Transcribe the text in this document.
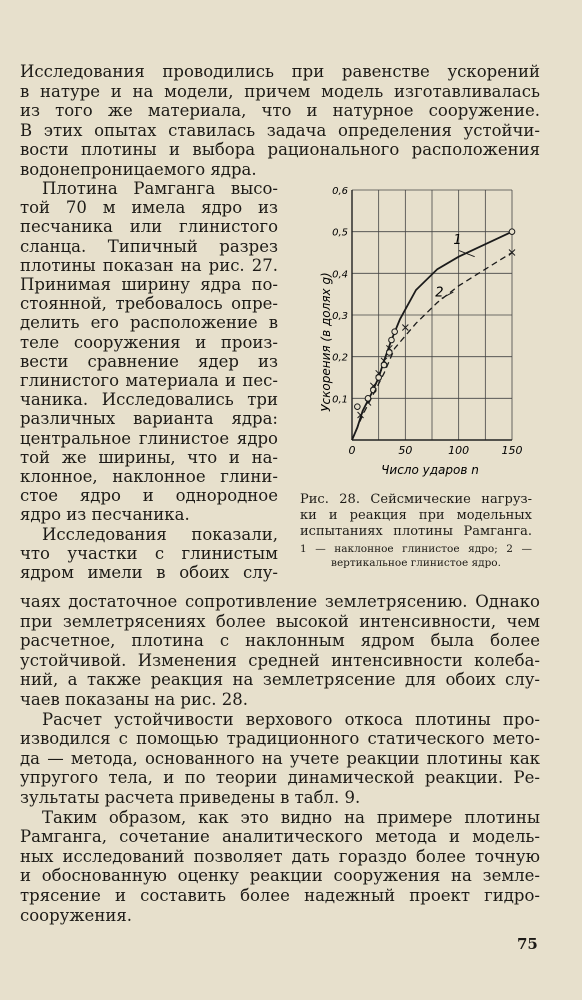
Исследования проводились при равенстве ускорений
в натуре и на модели, причем модель изготавливалась
из того же материала, что и натурное сооружение.
В этих опытах ставилась задача определения устойчи-
вости плотины и выбора рационального расположения
водонепроницаемого ядра.
Плотина Рамганга высо-
той 70 м имела ядро из
песчаника или глинистого
сланца. Типичный разрез
плотины показан на рис. 27.
Принимая ширину ядра по-
стоянной, требовалось опре-
делить его расположение в
теле сооружения и произ-
вести сравнение ядер из
глинистого материала и пес-
чаника. Исследовались три
различных варианта ядра:
центральное глинистое ядро
той же ширины, что и на-
клонное, наклонное глини-
стое ядро и однородное
ядро из песчаника.
Исследования показали,
что участки с глинистым
ядром имели в обоих слу-
0	50	100	150
0,1
0,2
0,3
0,4
0,5
0,6
1
2
Ускорения (в долях g)
Число ударов n
Рис. 28. Сейсмические нагруз-
ки и реакция при модельных
испытаниях плотины Рамганга.
1 — наклонное глинистое ядро; 2 —
вертикальное глинистое ядро.
чаях достаточное сопротивление землетрясению. Однако
при землетрясениях более высокой интенсивности, чем
расчетное, плотина с наклонным ядром была более
устойчивой. Изменения средней интенсивности колеба-
ний, а также реакция на землетрясение для обоих слу-
чаев показаны на рис. 28.
Расчет устойчивости верхового откоса плотины про-
изводился с помощью традиционного статического мето-
да — методa, основанного на учете реакции плотины как
упругого тела, и по теории динамической реакции. Ре-
зультаты расчета приведены в табл. 9.
Таким образом, как это видно на примере плотины
Рамганга, сочетание аналитического метода и модель-
ных исследований позволяет дать гораздо более точную
и обоснованную оценку реакции сооружения на земле-
трясение и составить более надежный проект гидро-
сооружения.
75
